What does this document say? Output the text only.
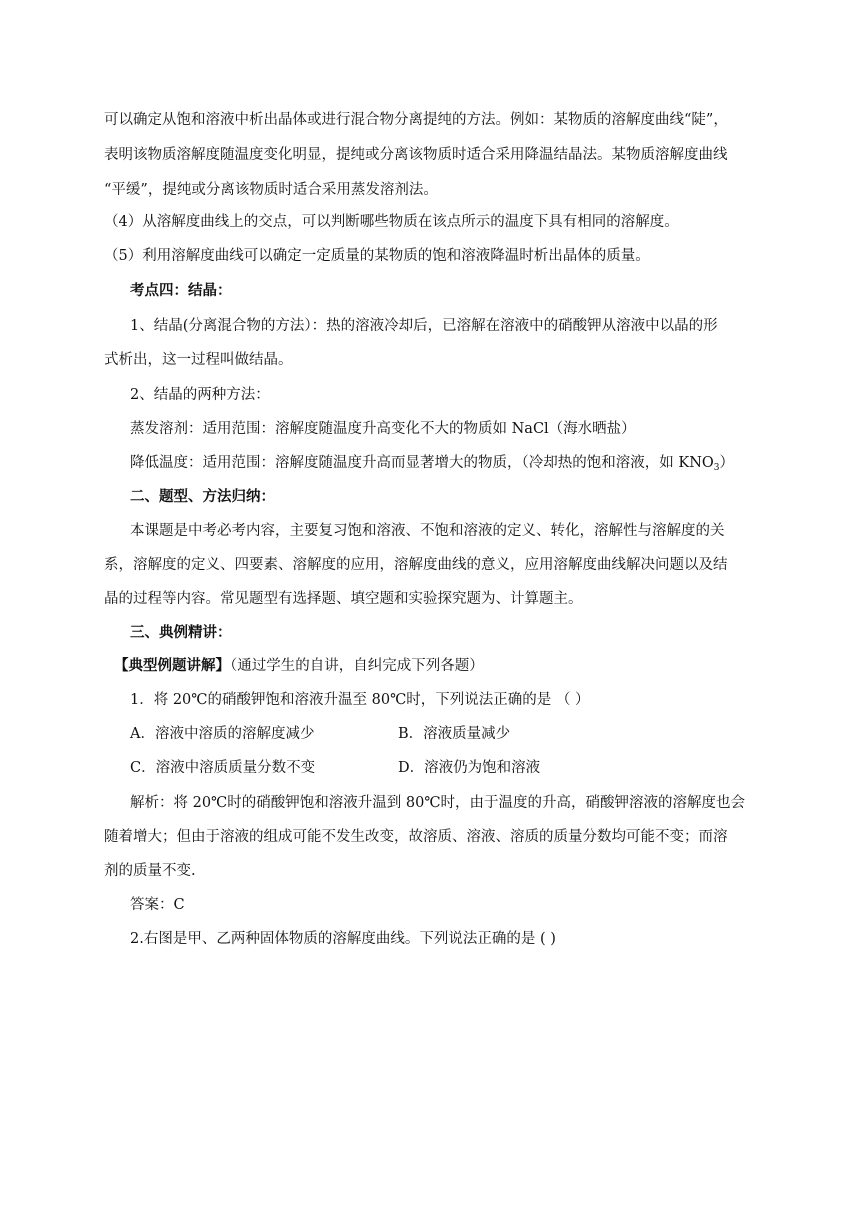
可以确定从饱和溶液中析出晶体或进行混合物分离提纯的方法。例如：某物质的溶解度曲线“陡”，
表明该物质溶解度随温度变化明显，提纯或分离该物质时适合采用降温结晶法。某物质溶解度曲线
“平缓”，提纯或分离该物质时适合采用蒸发溶剂法。
（4）从溶解度曲线上的交点，可以判断哪些物质在该点所示的温度下具有相同的溶解度。
（5）利用溶解度曲线可以确定一定质量的某物质的饱和溶液降温时析出晶体的质量。
考点四：结晶：
1、结晶(分离混合物的方法）：热的溶液冷却后，已溶解在溶液中的硝酸钾从溶液中以晶的形
式析出，这一过程叫做结晶。
2、结晶的两种方法：
蒸发溶剂：适用范围：溶解度随温度升高变化不大的物质如 NaCl（海水晒盐）
降低温度：适用范围：溶解度随温度升高而显著增大的物质，（冷却热的饱和溶液，如 $KNO_3$）
二、题型、方法归纳：
本课题是中考必考内容，主要复习饱和溶液、不饱和溶液的定义、转化，溶解性与溶解度的关
系，溶解度的定义、四要素、溶解度的应用，溶解度曲线的意义，应用溶解度曲线解决问题以及结
晶的过程等内容。常见题型有选择题、填空题和实验探究题为、计算题主。
三、典例精讲：
【典型例题讲解】（通过学生的自讲，自纠完成下列各题）
1．将 20℃的硝酸钾饱和溶液升温至 80℃时，下列说法正确的是 （ ）
A．溶液中溶质的溶解度减少	B．溶液质量减少
C．溶液中溶质质量分数不变	D．溶液仍为饱和溶液
解析：将 20℃时的硝酸钾饱和溶液升温到 80℃时，由于温度的升高，硝酸钾溶液的溶解度也会
随着增大；但由于溶液的组成可能不发生改变，故溶质、溶液、溶质的质量分数均可能不变；而溶
剂的质量不变.
答案：C
2.右图是甲、乙两种固体物质的溶解度曲线。下列说法正确的是 ( )
